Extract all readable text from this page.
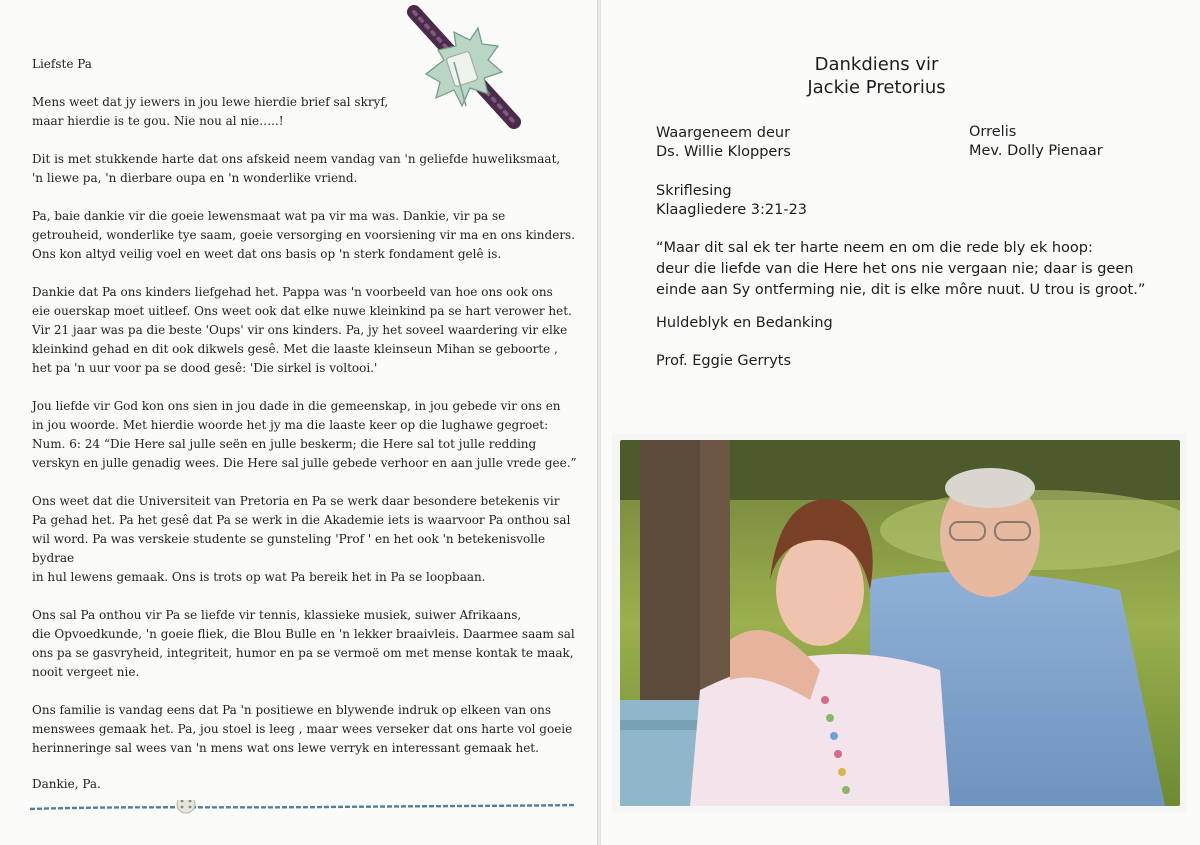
Liefste Pa

Mens weet dat jy iewers in jou lewe hierdie brief sal skryf,
maar hierdie is te gou. Nie nou al nie…..!

Dit is met stukkende harte dat ons afskeid neem vandag van 'n geliefde huweliksmaat,
'n liewe pa, 'n dierbare oupa en 'n wonderlike vriend.

Pa, baie dankie vir die goeie lewensmaat wat pa vir ma was. Dankie, vir pa se
getrouheid, wonderlike tye saam, goeie versorging en voorsiening vir ma en ons kinders.
Ons kon altyd veilig voel en weet dat ons basis op 'n sterk fondament gelê is.

Dankie dat Pa ons kinders liefgehad het. Pappa was 'n voorbeeld van hoe ons ook ons
eie ouerskap moet uitleef. Ons weet ook dat elke nuwe kleinkind pa se hart verower het.
Vir 21 jaar was pa die beste 'Oups' vir ons kinders. Pa, jy het soveel waardering vir elke
kleinkind gehad en dit ook dikwels gesê. Met die laaste kleinseun Mihan se geboorte ,
het pa 'n uur voor pa se dood gesê: 'Die sirkel is voltooi.'

Jou liefde vir God kon ons sien in jou dade in die gemeenskap, in jou gebede vir ons en
in jou woorde. Met hierdie woorde het jy ma die laaste keer op die lughawe gegroet:
Num. 6: 24 “Die Here sal julle seën en julle beskerm; die Here sal tot julle redding
verskyn en julle genadig wees. Die Here sal julle gebede verhoor en aan julle vrede gee.”

Ons weet dat die Universiteit van Pretoria en Pa se werk daar besondere betekenis vir
Pa gehad het. Pa het gesê dat Pa se werk in die Akademie iets is waarvoor Pa onthou sal
wil word. Pa was verskeie studente se gunsteling 'Prof ' en het ook 'n betekenisvolle bydrae
in hul lewens gemaak. Ons is trots op wat Pa bereik het in Pa se loopbaan.

Ons sal Pa onthou vir Pa se liefde vir tennis, klassieke musiek, suiwer Afrikaans,
die Opvoedkunde, 'n goeie fliek, die Blou Bulle en 'n lekker braaivleis. Daarmee saam sal
ons pa se gasvryheid, integriteit, humor en pa se vermoë om met mense kontak te maak,
nooit vergeet nie.

Ons familie is vandag eens dat Pa 'n positiewe en blywende indruk op elkeen van ons
menswees gemaak het. Pa, jou stoel is leeg , maar wees verseker dat ons harte vol goeie
herinneringe sal wees van 'n mens wat ons lewe verryk en interessant gemaak het.

Dankie, Pa.
Dankdiens vir
Jackie Pretorius
Waargeneem deur
Ds. Willie Kloppers
Orrelis
Mev. Dolly Pienaar
Skriflesing
Klaagliedere 3:21-23
“Maar dit sal ek ter harte neem en om die rede bly ek hoop:
deur die liefde van die Here het ons nie vergaan nie; daar is geen
einde aan Sy ontferming nie, dit is elke môre nuut. U trou is groot.”
Huldeblyk en Bedanking
Prof. Eggie Gerryts
